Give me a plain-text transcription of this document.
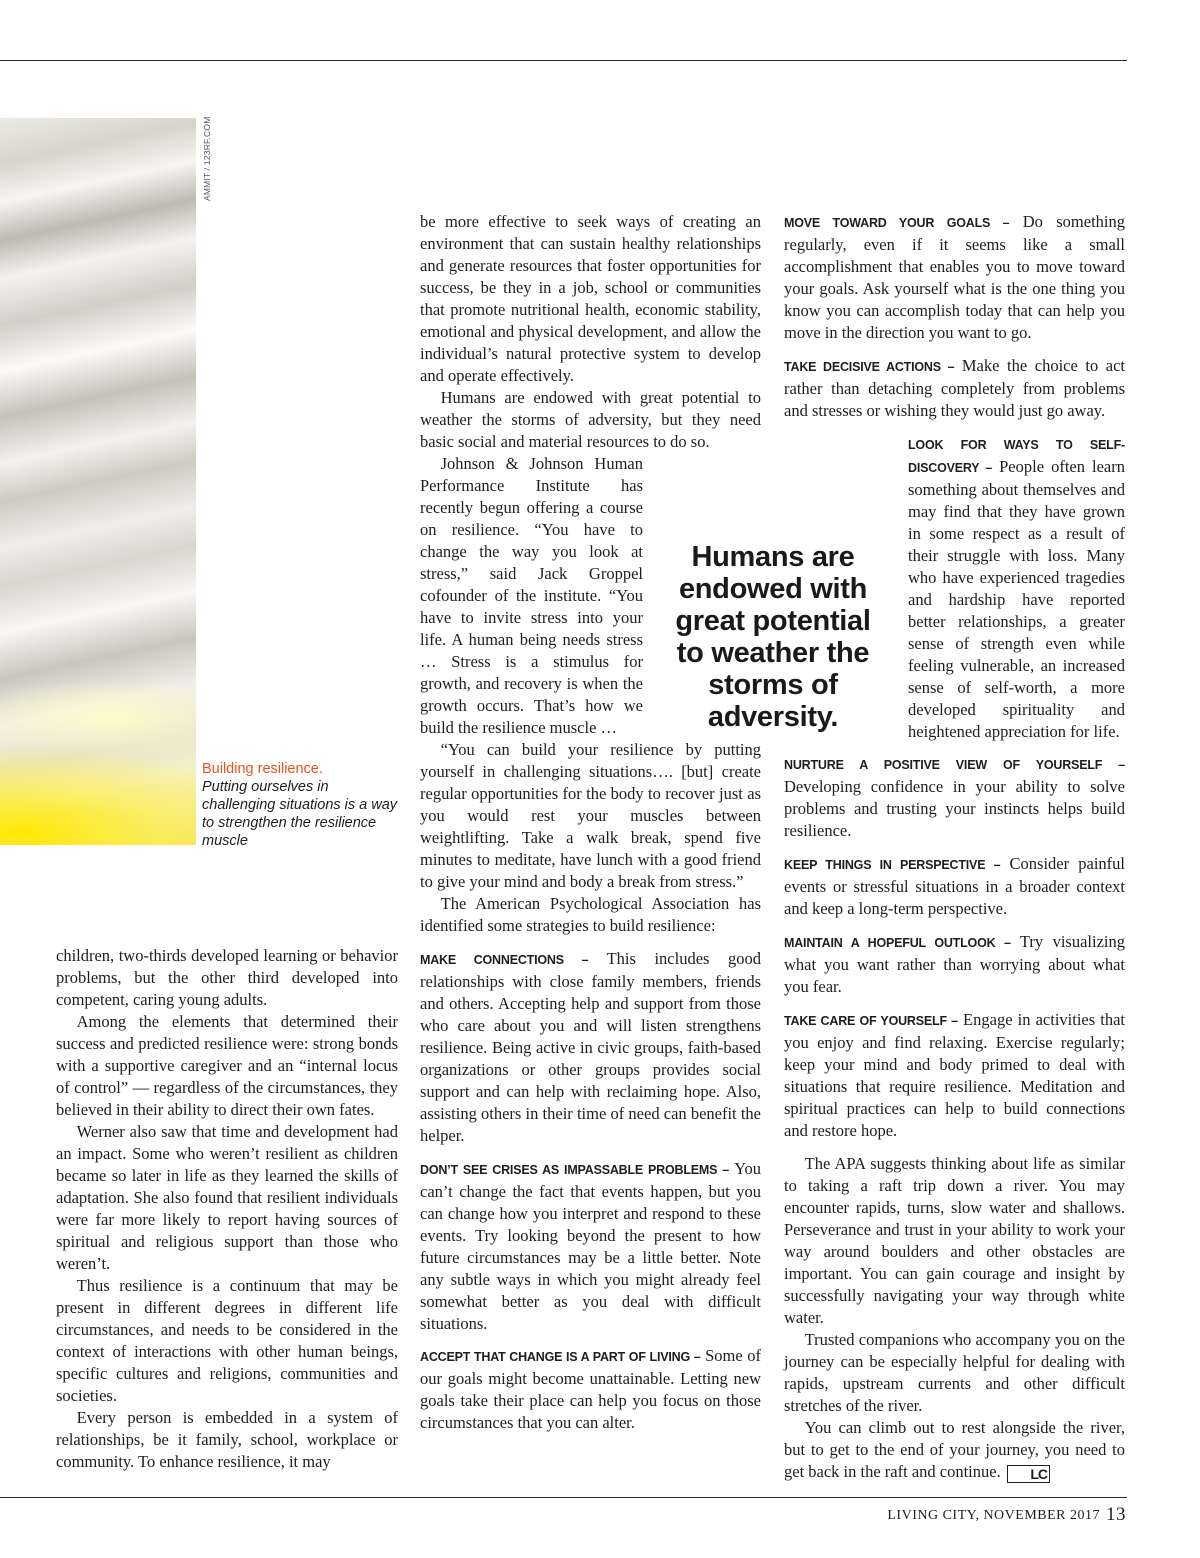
AMMIT / 123RF.COM
Building resilience.
Putting ourselves in challenging situations is a way to strengthen the resilience muscle

children, two-thirds developed learning or behavior problems, but the other third developed into competent, caring young adults.

Among the elements that determined their success and predicted resilience were: strong bonds with a supportive caregiver and an “internal locus of control” — regardless of the circumstances, they believed in their ability to direct their own fates.

Werner also saw that time and development had an impact. Some who weren’t resilient as children became so later in life as they learned the skills of adaptation. She also found that resilient individuals were far more likely to report having sources of spiritual and religious support than those who weren’t.

Thus resilience is a continuum that may be present in different degrees in different life circumstances, and needs to be considered in the context of interactions with other human beings, specific cultures and religions, communities and societies.

Every person is embedded in a system of relationships, be it family, school, workplace or community. To enhance resilience, it may

be more effective to seek ways of creating an environment that can sustain healthy relationships and generate resources that foster opportunities for success, be they in a job, school or communities that promote nutritional health, economic stability, emotional and physical development, and allow the individual’s natural protective system to develop and operate effectively.

Humans are endowed with great potential to weather the storms of adversity, but they need basic social and material resources to do so.

Johnson & Johnson Human Performance Institute has recently begun offering a course on resilience. “You have to change the way you look at stress,” said Jack Groppel cofounder of the institute. “You have to invite stress into your life. A human being needs stress … Stress is a stimulus for growth, and recovery is when the growth occurs. That’s how we build the resilience muscle …

“You can build your resilience by putting yourself in challenging situations…. [but] create regular opportunities for the body to recover just as you would rest your muscles between weightlifting. Take a walk break, spend five minutes to meditate, have lunch with a good friend to give your mind and body a break from stress.”

The American Psychological Association has identified some strategies to build resilience:

MAKE CONNECTIONS – This includes good relationships with close family members, friends and others. Accepting help and support from those who care about you and will listen strengthens resilience. Being active in civic groups, faith-based organizations or other groups provides social support and can help with reclaiming hope. Also, assisting others in their time of need can benefit the helper.

DON’T SEE CRISES AS IMPASSABLE PROBLEMS – You can’t change the fact that events happen, but you can change how you interpret and respond to these events. Try looking beyond the present to how future circumstances may be a little better. Note any subtle ways in which you might already feel somewhat better as you deal with difficult situations.

ACCEPT THAT CHANGE IS A PART OF LIVING – Some of our goals might become unattainable. Letting new goals take their place can help you focus on those circumstances that you can alter.

MOVE TOWARD YOUR GOALS – Do something regularly, even if it seems like a small accomplishment that enables you to move toward your goals. Ask yourself what is the one thing you know you can accomplish today that can help you move in the direction you want to go.

TAKE DECISIVE ACTIONS – Make the choice to act rather than detaching completely from problems and stresses or wishing they would just go away.

LOOK FOR WAYS TO SELF-DISCOVERY – People often learn something about themselves and may find that they have grown in some respect as a result of their struggle with loss. Many who have experienced tragedies and hardship have reported better relationships, a greater sense of strength even while feeling vulnerable, an increased sense of self-worth, a more developed spirituality and heightened appreciation for life.

NURTURE A POSITIVE VIEW OF YOURSELF – Developing confidence in your ability to solve problems and trusting your instincts helps build resilience.

KEEP THINGS IN PERSPECTIVE – Consider painful events or stressful situations in a broader context and keep a long-term perspective.

MAINTAIN A HOPEFUL OUTLOOK – Try visualizing what you want rather than worrying about what you fear.

TAKE CARE OF YOURSELF – Engage in activities that you enjoy and find relaxing. Exercise regularly; keep your mind and body primed to deal with situations that require resilience. Meditation and spiritual practices can help to build connections and restore hope.

The APA suggests thinking about life as similar to taking a raft trip down a river. You may encounter rapids, turns, slow water and shallows. Perseverance and trust in your ability to work your way around boulders and other obstacles are important. You can gain courage and insight by successfully navigating your way through white water.

Trusted companions who accompany you on the journey can be especially helpful for dealing with rapids, upstream currents and other difficult stretches of the river.

You can climb out to rest alongside the river, but to get to the end of your journey, you need to get back in the raft and continue. LC

Humans are endowed with great potential to weather the storms of adversity.
LIVING CITY, NOVEMBER 2017 13
